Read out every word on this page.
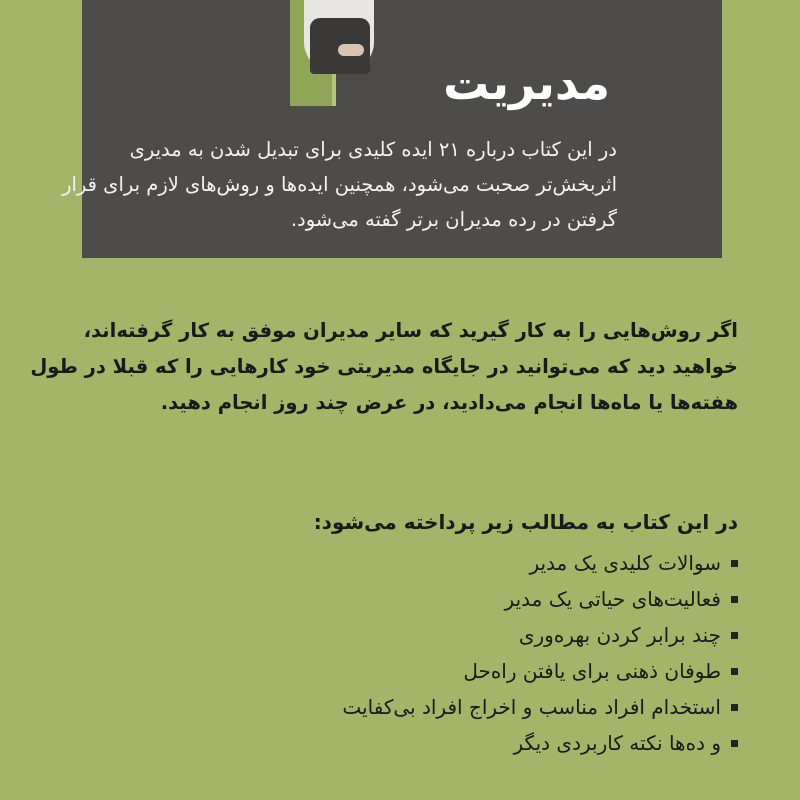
مدیریت

در این کتاب درباره ۲۱ ایده کلیدی برای تبدیل شدن به مدیری اثربخش‌تر صحبت می‌شود، همچنین ایده‌ها و روش‌های لازم برای قرار گرفتن در رده مدیران برتر گفته می‌شود.

اگر روش‌هایی را به کار گیرید که سایر مدیران موفق به کار گرفته‌اند، خواهید دید که می‌توانید در جایگاه مدیریتی خود کارهایی را که قبلا در طول هفته‌ها یا ماه‌ها انجام می‌دادید، در عرض چند روز انجام دهید.

در این کتاب به مطالب زیر پرداخته می‌شود:

سوالات کلیدی یک مدیر
فعالیت‌های حیاتی یک مدیر
چند برابر کردن بهره‌وری
طوفان ذهنی برای یافتن راه‌حل
استخدام افراد مناسب و اخراج افراد بی‌کفایت
و ده‌ها نکته کاربردی دیگر
